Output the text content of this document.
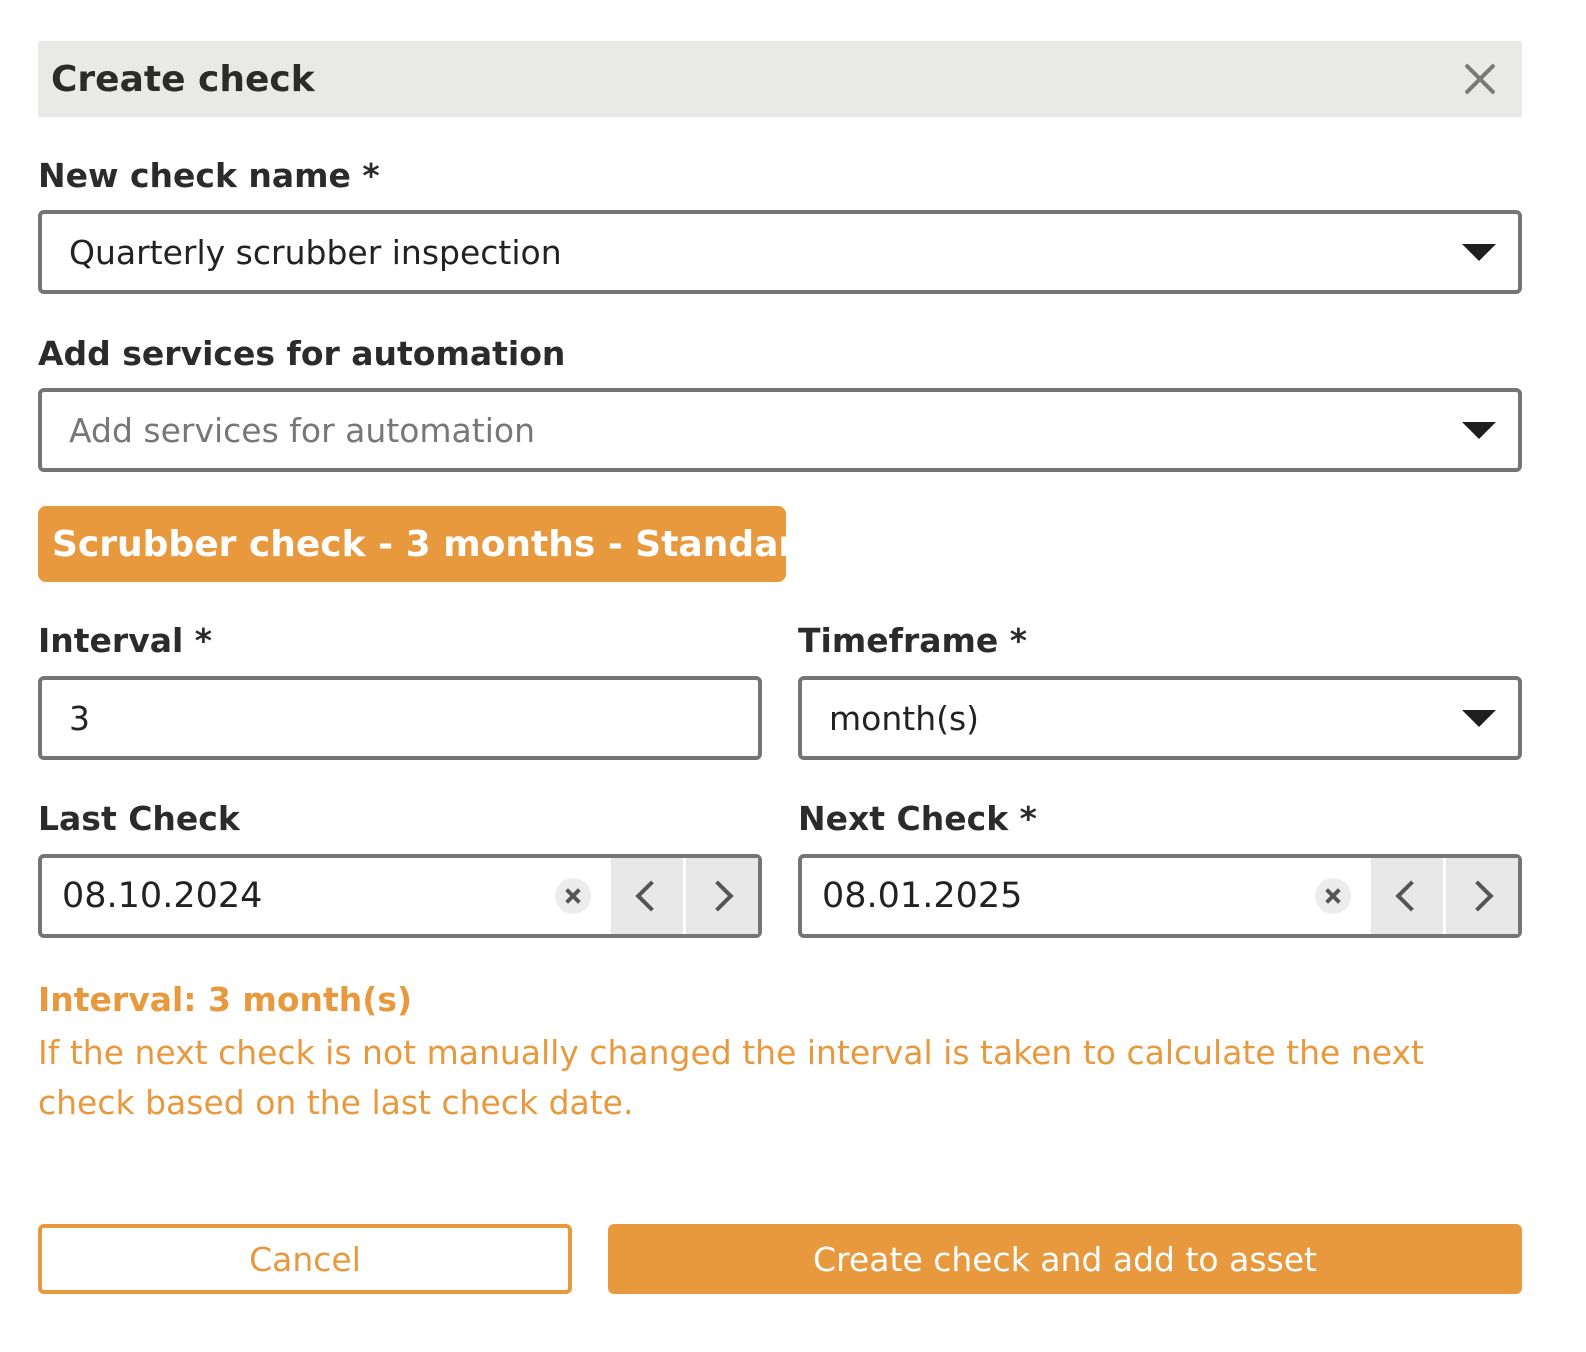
Create check
New check name *
Quarterly scrubber inspection
Add services for automation
Add services for automation
Scrubber check - 3 months - Standard
Interval *
3
Timeframe *
month(s)
Last Check
08.10.2024
Next Check *
08.01.2025
Interval: 3 month(s)
If the next check is not manually changed the interval is taken to calculate the next check based on the last check date.
Cancel	Create check and add to asset
